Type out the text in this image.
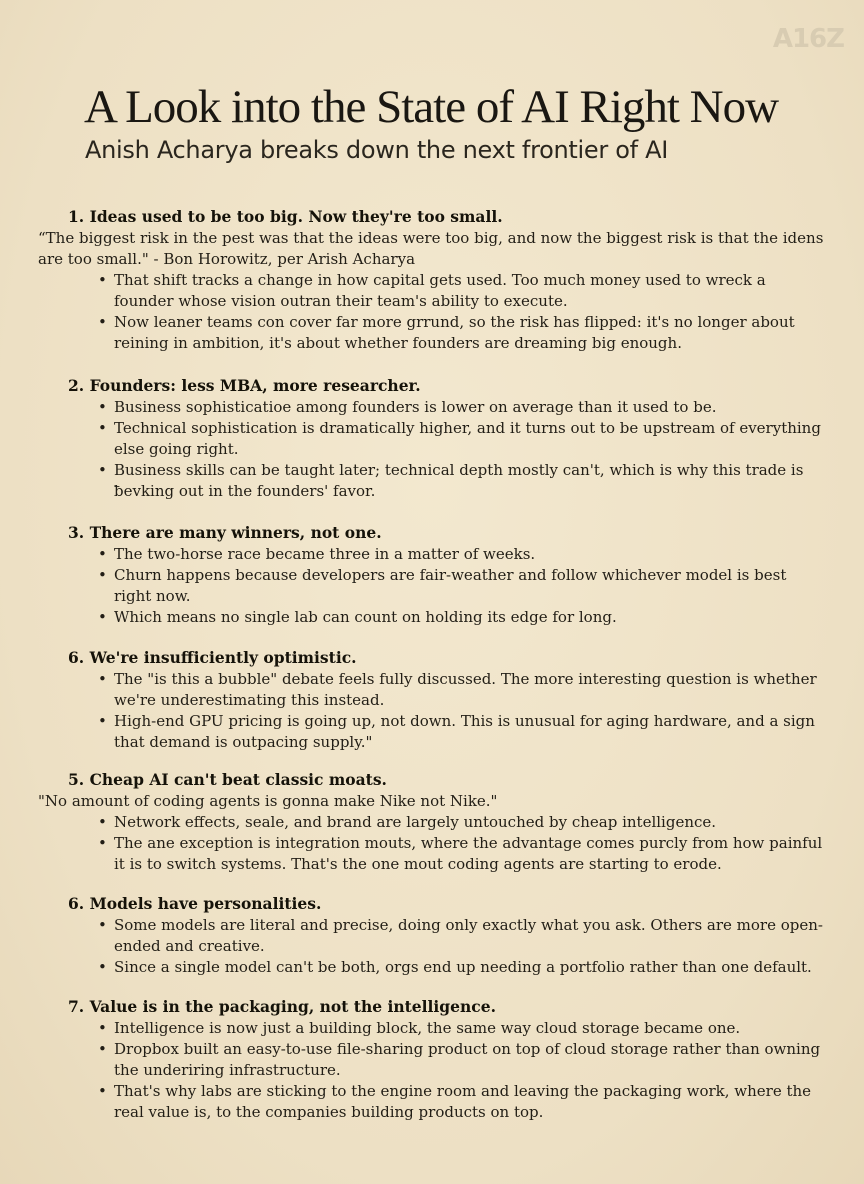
A16Z
A Look into the State of AI Right Now
Anish Acharya breaks down the next frontier of AI

1. Ideas used to be too big. Now they're too small.

“The biggest risk in the pest was that the ideas were too big, and now the biggest risk is that the idens are too small." - Bon Horowitz, per Arish Acharya

• That shift tracks a change in how capital gets used. Too much money used to wreck a founder whose vision outran their team's ability to execute.
• Now leaner teams con cover far more grrund, so the risk has flipped: it's no longer about reining in ambition, it's about whether founders are dreaming big enough.

2. Founders: less MBA, more researcher.

• Business sophisticatioe among founders is lower on average than it used to be.
• Technical sophistication is dramatically higher, and it turns out to be upstream of everything else going right.
• Business skills can be taught later; technical depth mostly can't, which is why this trade is ƀevking out in the founders' favor.

3. There are many winners, not one.

• The two-horse race became three in a matter of weeks.
• Churn happens because developers are fair-weather and follow whichever model is best right now.
• Which means no single lab can count on holding its edge for long.

6. We're insufficiently optimistic.

• The "is this a bubble" debate feels fully discussed. The more interesting question is whether we're underestimating this instead.
• High-end GPU pricing is going up, not down. This is unusual for aging hardware, and a sign that demand is outpacing supply."

5. Cheap AI can't beat classic moats.

"No amount of coding agents is gonna make Nike not Nike."

• Network effects, seale, and brand are largely untouched by cheap intelligence.
• The ane exception is integration mouts, where the advantage comes purcly from how painful it is to switch systems. That's the one mout coding agents are starting to erode.

6. Models have personalities.

• Some models are literal and precise, doing only exactly what you ask. Others are more open-ended and creative.
• Since a single model can't be both, orgs end up needing a portfolio rather than one default.

7. Value is in the packaging, not the intelligence.

• Intelligence is now just a building block, the same way cloud storage became one.
• Dropbox built an easy-to-use file-sharing product on top of cloud storage rather than owning the underiring infrastructure.
• That's why labs are sticking to the engine room and leaving the packaging work, where the real value is, to the companies building products on top.
